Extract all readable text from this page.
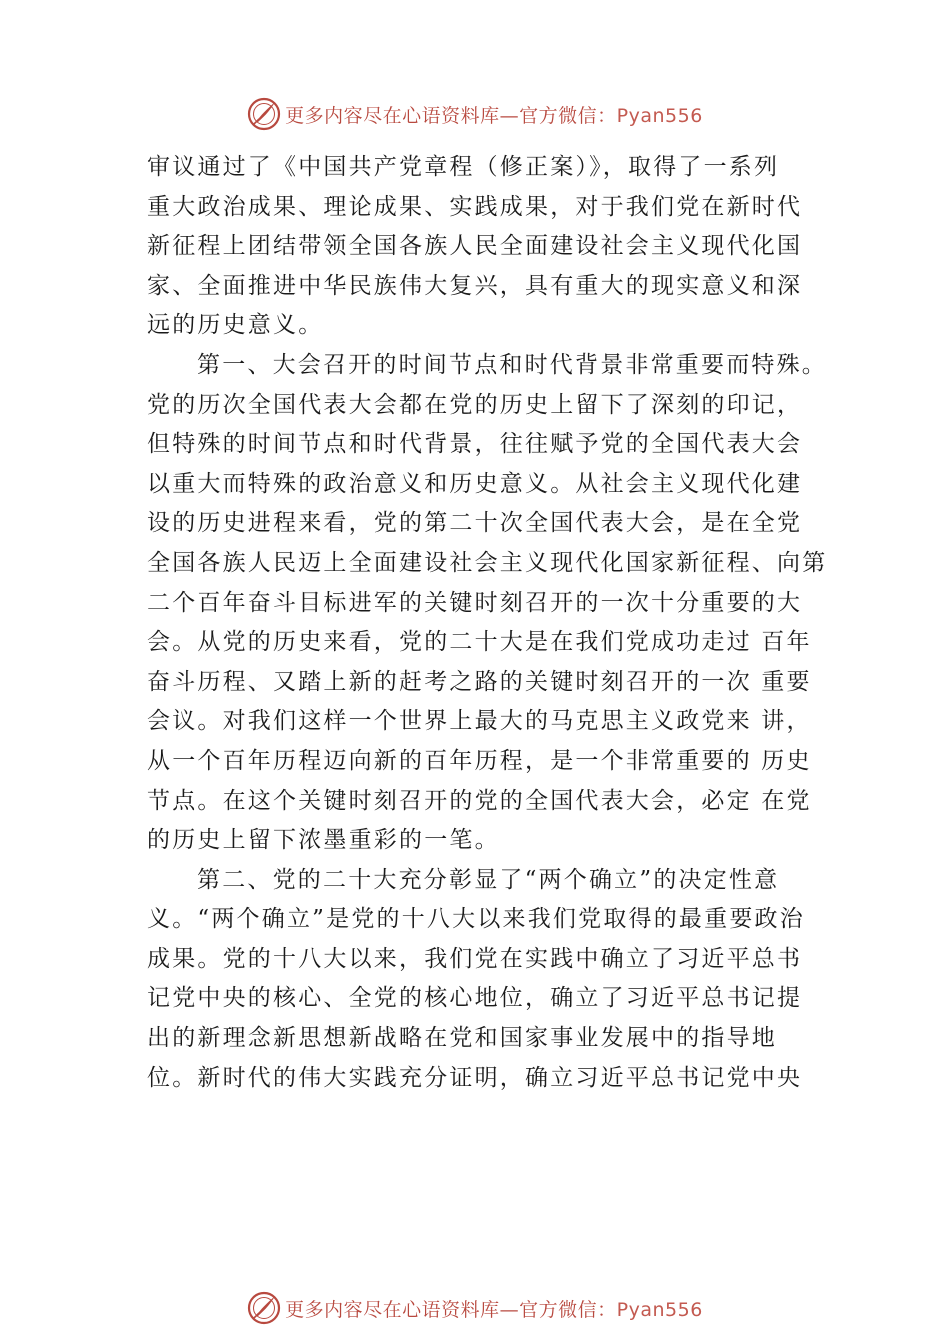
更多内容尽在心语资料库—官方微信：Pyan556
审议通过了《中国共产党章程（修正案）》，取得了一系列
重大政治成果、理论成果、实践成果，对于我们党在新时代
新征程上团结带领全国各族人民全面建设社会主义现代化国
家、全面推进中华民族伟大复兴，具有重大的现实意义和深
远的历史意义。
第一、大会召开的时间节点和时代背景非常重要而特殊。
党的历次全国代表大会都在党的历史上留下了深刻的印记，
但特殊的时间节点和时代背景，往往赋予党的全国代表大会
以重大而特殊的政治意义和历史意义。从社会主义现代化建
设的历史进程来看，党的第二十次全国代表大会，是在全党
全国各族人民迈上全面建设社会主义现代化国家新征程、向第
二个百年奋斗目标进军的关键时刻召开的一次十分重要的大
会。从党的历史来看，党的二十大是在我们党成功走过 百年
奋斗历程、又踏上新的赶考之路的关键时刻召开的一次 重要
会议。对我们这样一个世界上最大的马克思主义政党来 讲，
从一个百年历程迈向新的百年历程，是一个非常重要的 历史
节点。在这个关键时刻召开的党的全国代表大会，必定 在党
的历史上留下浓墨重彩的一笔。
第二、党的二十大充分彰显了“两个确立”的决定性意
义。“两个确立”是党的十八大以来我们党取得的最重要政治
成果。党的十八大以来，我们党在实践中确立了习近平总书
记党中央的核心、全党的核心地位，确立了习近平总书记提
出的新理念新思想新战略在党和国家事业发展中的指导地
位。新时代的伟大实践充分证明，确立习近平总书记党中央
更多内容尽在心语资料库—官方微信：Pyan556
